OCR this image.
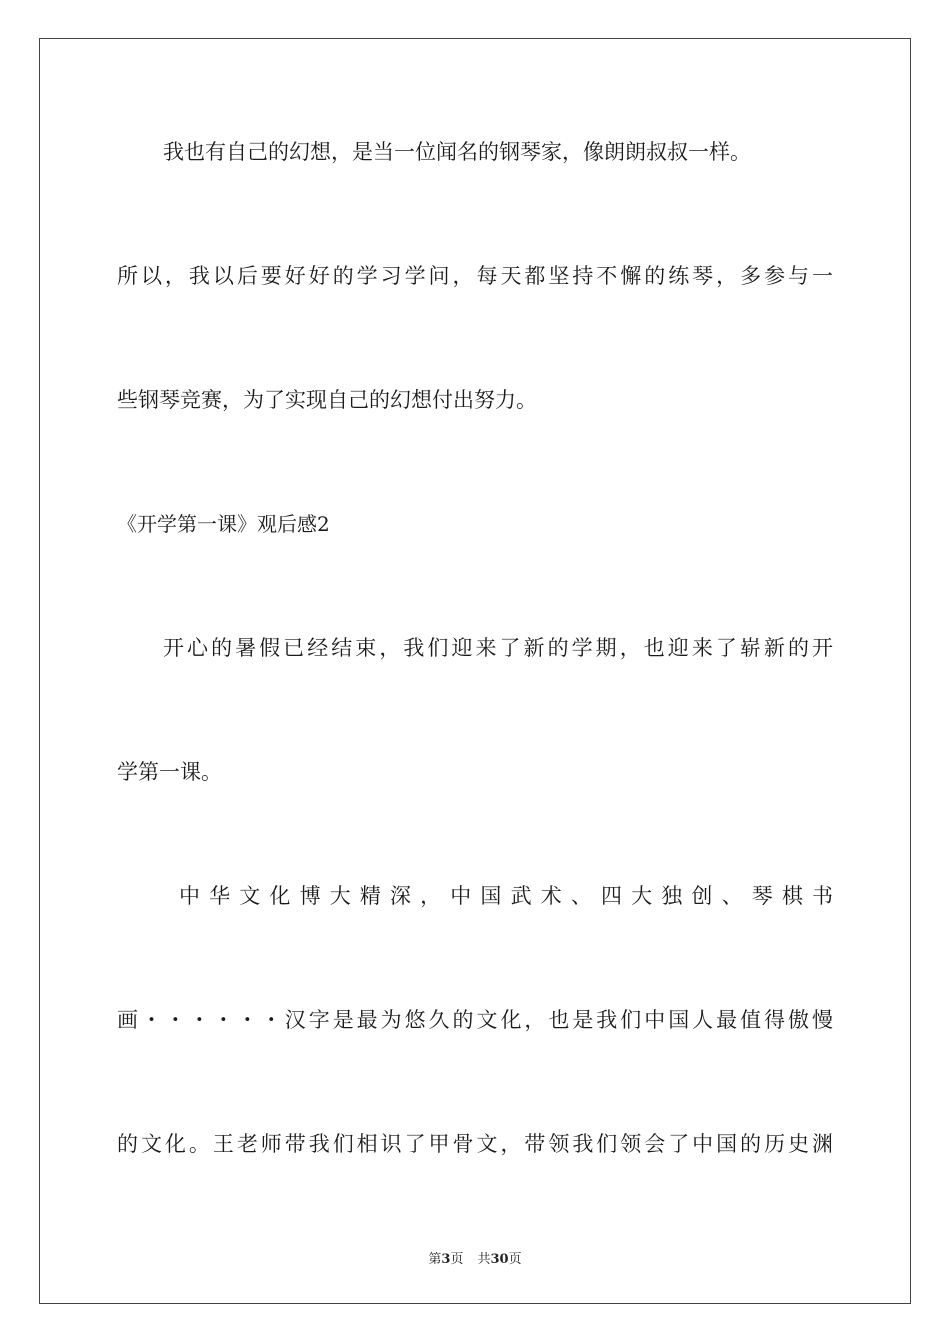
我也有自己的幻想，是当一位闻名的钢琴家，像朗朗叔叔一样。
所以，我以后要好好的学习学问，每天都坚持不懈的练琴，多参与一
些钢琴竞赛，为了实现自己的幻想付出努力。
《开学第一课》观后感2
开心的暑假已经结束，我们迎来了新的学期，也迎来了崭新的开
学第一课。
中华文化博大精深，中国武术、四大独创、琴棋书
画・・・・・・汉字是最为悠久的文化，也是我们中国人最值得傲慢
的文化。王老师带我们相识了甲骨文，带领我们领会了中国的历史渊
第3页 共30页
